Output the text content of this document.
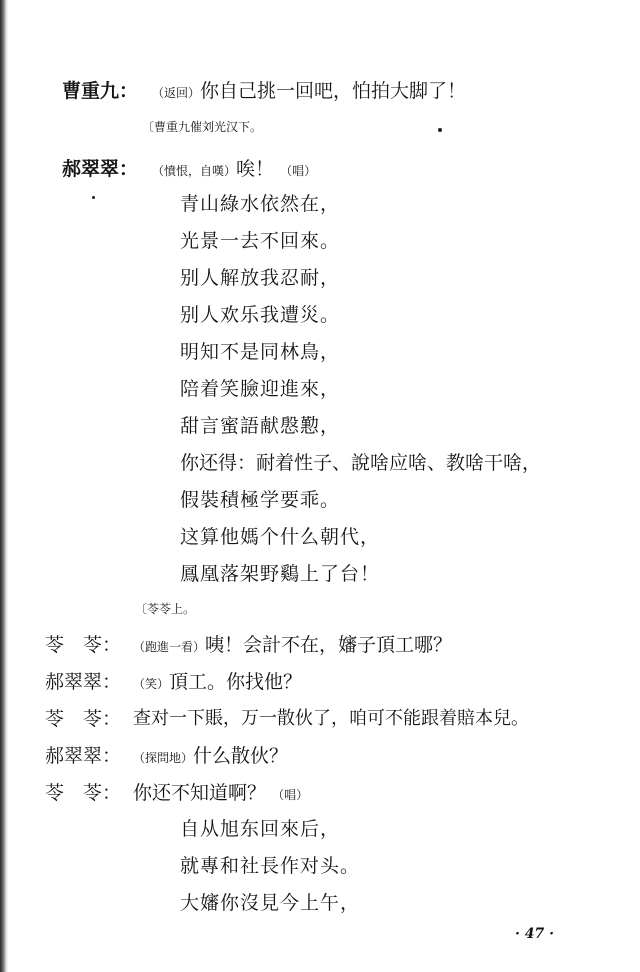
曹重九： （返回）你自己挑一回吧，怕拍大脚了！
〔曹重九催刘光汉下。
郝翠翠： （憤恨，自嘆）唉！ （唱）
青山綠水依然在，
光景一去不回來。
别人解放我忍耐，
别人欢乐我遭災。
明知不是同林鳥，
陪着笑臉迎進來，
甜言蜜語献慇懃，
你还得：耐着性子、說啥应啥、教啥干啥，
假裝積極学要乖。
这算他媽个什么朝代，
鳳凰落架野鷄上了台！
〔苓苓上。
苓　苓： （跑進一看）咦！会計不在，嬸子頂工哪？
郝翠翠： （笑）頂工。你找他？
苓　苓： 查对一下賬，万一散伙了，咱可不能跟着賠本兒。
郝翠翠： （探問地）什么散伙？
苓　苓： 你还不知道啊？ （唱）
自从旭东回來后，
就專和社長作对头。
大嬸你沒見今上午，
· 47 ·
